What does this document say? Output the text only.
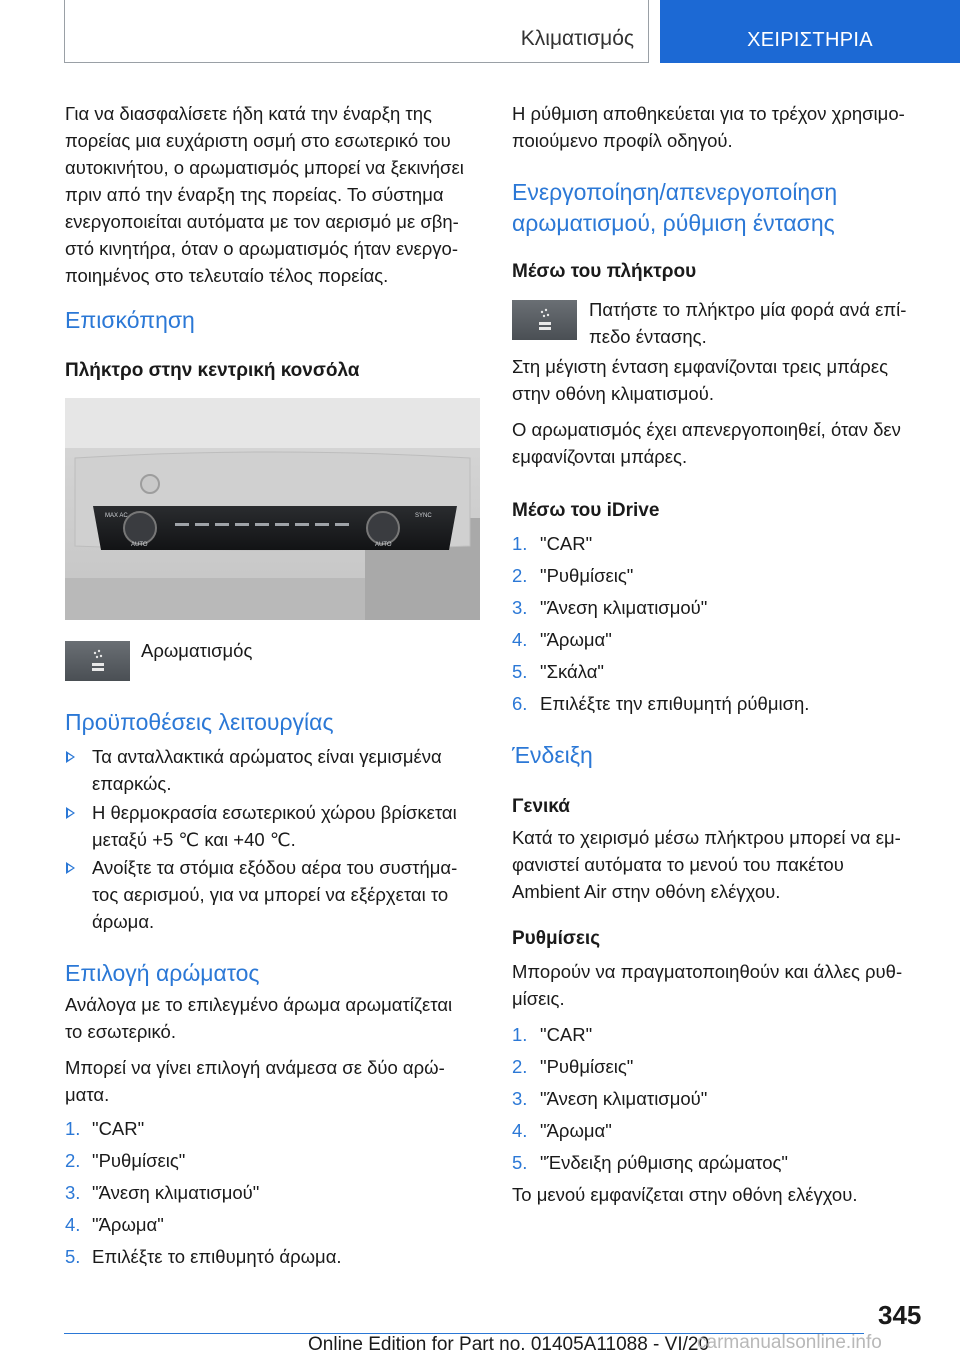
Κλιματισμός	ΧΕΙΡΙΣΤΗΡΙΑ
Για να διασφαλίσετε ήδη κατά την έναρξη της
πορείας μια ευχάριστη οσμή στο εσωτερικό του
αυτοκινήτου, ο αρωματισμός μπορεί να ξεκινήσει
πριν από την έναρξη της πορείας. Το σύστημα
ενεργοποιείται αυτόματα με τον αερισμό με σβη-
στό κινητήρα, όταν ο αρωματισμός ήταν ενεργο-
ποιημένος στο τελευταίο τέλος πορείας.
Επισκόπηση
Πλήκτρο στην κεντρική κονσόλα
MAX AC
AUTO	AUTO
SYNC
Αρωματισμός
Προϋποθέσεις λειτουργίας
Τα ανταλλακτικά αρώματος είναι γεμισμένα
επαρκώς.
Η θερμοκρασία εσωτερικού χώρου βρίσκεται
μεταξύ +5 ℃ και +40 ℃.
Ανοίξτε τα στόμια εξόδου αέρα του συστήμα-
τος αερισμού, για να μπορεί να εξέρχεται το
άρωμα.
Επιλογή αρώματος
Ανάλογα με το επιλεγμένο άρωμα αρωματίζεται
το εσωτερικό.
Μπορεί να γίνει επιλογή ανάμεσα σε δύο αρώ-
ματα.
1. "CAR"
2. "Ρυθμίσεις"
3. "Άνεση κλιματισμού"
4. "Άρωμα"
5. Επιλέξτε το επιθυμητό άρωμα.
Η ρύθμιση αποθηκεύεται για το τρέχον χρησιμο-
ποιούμενο προφίλ οδηγού.
Ενεργοποίηση/απενεργοποίηση
αρωματισμού, ρύθμιση έντασης
Μέσω του πλήκτρου
Πατήστε το πλήκτρο μία φορά ανά επί-
πεδο έντασης.
Στη μέγιστη ένταση εμφανίζονται τρεις μπάρες
στην οθόνη κλιματισμού.
Ο αρωματισμός έχει απενεργοποιηθεί, όταν δεν
εμφανίζονται μπάρες.
Μέσω του iDrive
1. "CAR"
2. "Ρυθμίσεις"
3. "Άνεση κλιματισμού"
4. "Άρωμα"
5. "Σκάλα"
6. Επιλέξτε την επιθυμητή ρύθμιση.
Ένδειξη
Γενικά
Κατά το χειρισμό μέσω πλήκτρου μπορεί να εμ-
φανιστεί αυτόματα το μενού του πακέτου
Ambient Air στην οθόνη ελέγχου.
Ρυθμίσεις
Μπορούν να πραγματοποιηθούν και άλλες ρυθ-
μίσεις.
1. "CAR"
2. "Ρυθμίσεις"
3. "Άνεση κλιματισμού"
4. "Άρωμα"
5. "Ένδειξη ρύθμισης αρώματος"
Το μενού εμφανίζεται στην οθόνη ελέγχου.
345
Online Edition for Part no. 01405A11088 - VI/20
carmanualsonline.info
